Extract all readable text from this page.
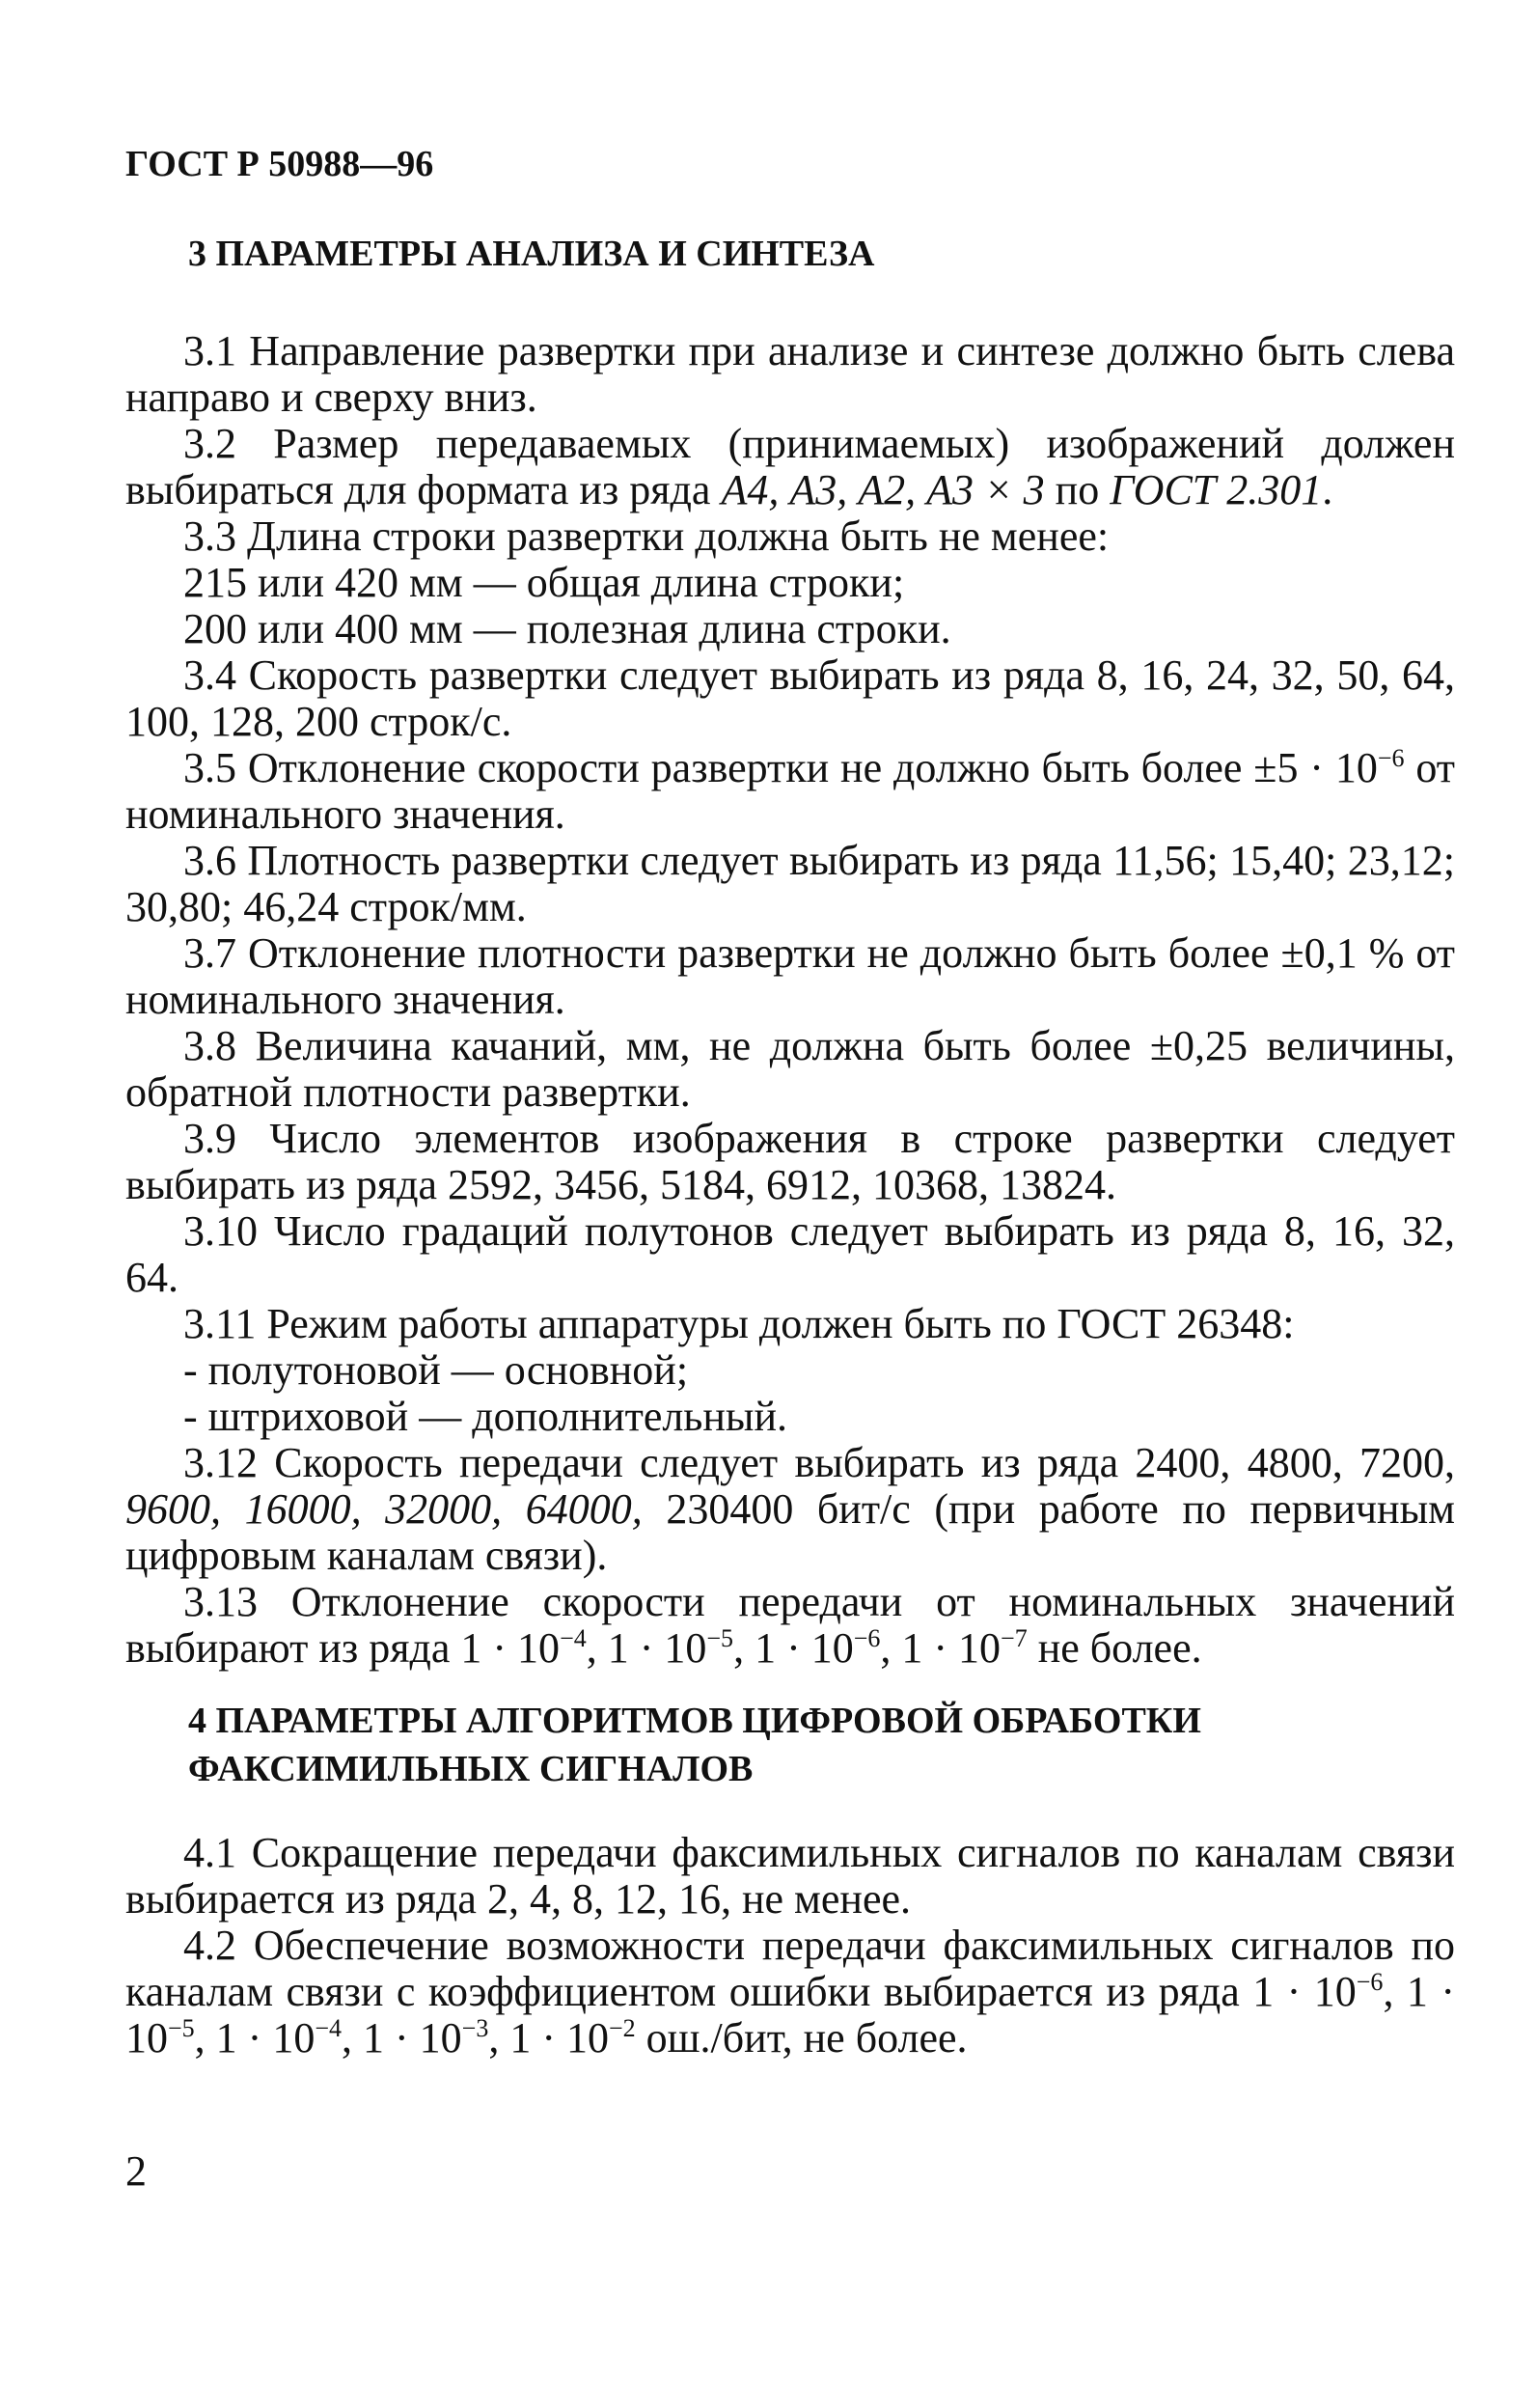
ГОСТ Р 50988—96
3 ПАРАМЕТРЫ АНАЛИЗА И СИНТЕЗА

3.1 Направление развертки при анализе и синтезе должно быть слева направо и сверху вниз.

3.2 Размер передаваемых (принимаемых) изображений должен выбираться для формата из ряда А4, А3, А2, А3 × 3 по ГОСТ 2.301.

3.3 Длина строки развертки должна быть не менее:

215 или 420 мм — общая длина строки;

200 или 400 мм — полезная длина строки.

3.4 Скорость развертки следует выбирать из ряда 8, 16, 24, 32, 50, 64, 100, 128, 200 строк/с.

3.5 Отклонение скорости развертки не должно быть более $\pm 5 \cdot 10^{-6}$ от номинального значения.

3.6 Плотность развертки следует выбирать из ряда 11,56; 15,40; 23,12; 30,80; 46,24 строк/мм.

3.7 Отклонение плотности развертки не должно быть более ±0,1 % от номинального значения.

3.8 Величина качаний, мм, не должна быть более ±0,25 величины, обратной плотности развертки.

3.9 Число элементов изображения в строке развертки следует выбирать из ряда 2592, 3456, 5184, 6912, 10368, 13824.

3.10 Число градаций полутонов следует выбирать из ряда 8, 16, 32, 64.

3.11 Режим работы аппаратуры должен быть по ГОСТ 26348:

- полутоновой — основной;

- штриховой — дополнительный.

3.12 Скорость передачи следует выбирать из ряда 2400, 4800, 7200, 9600, 16000, 32000, 64000, 230400 бит/с (при работе по первичным цифровым каналам связи).

3.13 Отклонение скорости передачи от номинальных значений выбирают из ряда $1 \cdot 10^{-4}$, $1 \cdot 10^{-5}$, $1 \cdot 10^{-6}$, $1 \cdot 10^{-7}$ не более.

4 ПАРАМЕТРЫ АЛГОРИТМОВ ЦИФРОВОЙ ОБРАБОТКИ
ФАКСИМИЛЬНЫХ СИГНАЛОВ

4.1 Сокращение передачи факсимильных сигналов по каналам связи выбирается из ряда 2, 4, 8, 12, 16, не менее.

4.2 Обеспечение возможности передачи факсимильных сигналов по каналам связи с коэффициентом ошибки выбирается из ряда $1 \cdot 10^{-6}$, $1 \cdot 10^{-5}$, $1 \cdot 10^{-4}$, $1 \cdot 10^{-3}$, $1 \cdot 10^{-2}$ ош./бит, не более.

2
